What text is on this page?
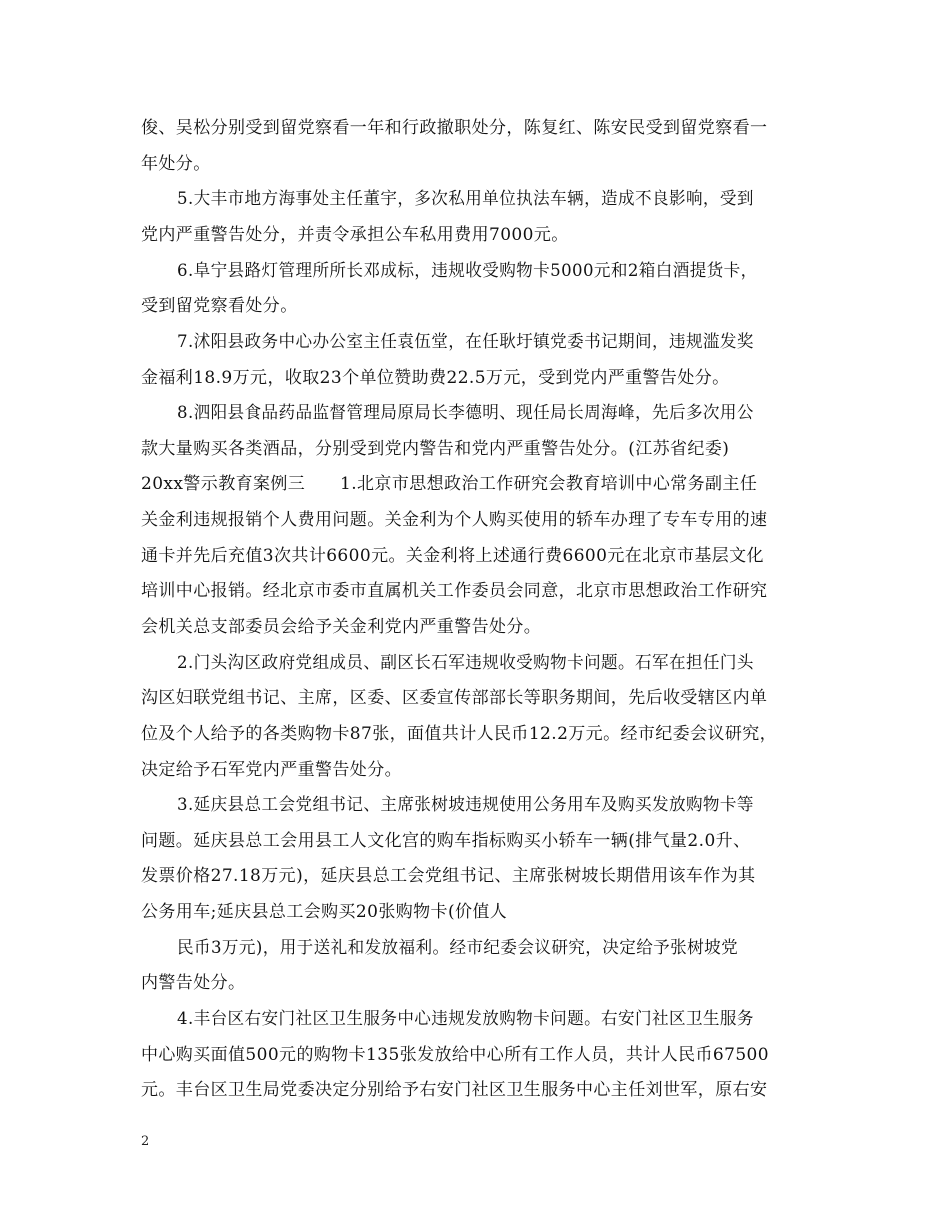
俊、吴松分别受到留党察看一年和行政撤职处分，陈复红、陈安民受到留党察看一
年处分。
5.大丰市地方海事处主任董宇，多次私用单位执法车辆，造成不良影响，受到
党内严重警告处分，并责令承担公车私用费用7000元。
6.阜宁县路灯管理所所长邓成标，违规收受购物卡5000元和2箱白酒提货卡，
受到留党察看处分。
7.沭阳县政务中心办公室主任袁伍堂，在任耿圩镇党委书记期间，违规滥发奖
金福利18.9万元，收取23个单位赞助费22.5万元，受到党内严重警告处分。
8.泗阳县食品药品监督管理局原局长李德明、现任局长周海峰，先后多次用公
款大量购买各类酒品，分别受到党内警告和党内严重警告处分。(江苏省纪委)
20xx警示教育案例三　　1.北京市思想政治工作研究会教育培训中心常务副主任
关金利违规报销个人费用问题。关金利为个人购买使用的轿车办理了专车专用的速
通卡并先后充值3次共计6600元。关金利将上述通行费6600元在北京市基层文化
培训中心报销。经北京市委市直属机关工作委员会同意，北京市思想政治工作研究
会机关总支部委员会给予关金利党内严重警告处分。
2.门头沟区政府党组成员、副区长石军违规收受购物卡问题。石军在担任门头
沟区妇联党组书记、主席，区委、区委宣传部部长等职务期间，先后收受辖区内单
位及个人给予的各类购物卡87张，面值共计人民币12.2万元。经市纪委会议研究，
决定给予石军党内严重警告处分。
3.延庆县总工会党组书记、主席张树坡违规使用公务用车及购买发放购物卡等
问题。延庆县总工会用县工人文化宫的购车指标购买小轿车一辆(排气量2.0升、
发票价格27.18万元)，延庆县总工会党组书记、主席张树坡长期借用该车作为其
公务用车;延庆县总工会购买20张购物卡(价值人
民币3万元)，用于送礼和发放福利。经市纪委会议研究，决定给予张树坡党
内警告处分。
4.丰台区右安门社区卫生服务中心违规发放购物卡问题。右安门社区卫生服务
中心购买面值500元的购物卡135张发放给中心所有工作人员，共计人民币67500
元。丰台区卫生局党委决定分别给予右安门社区卫生服务中心主任刘世军，原右安
2
